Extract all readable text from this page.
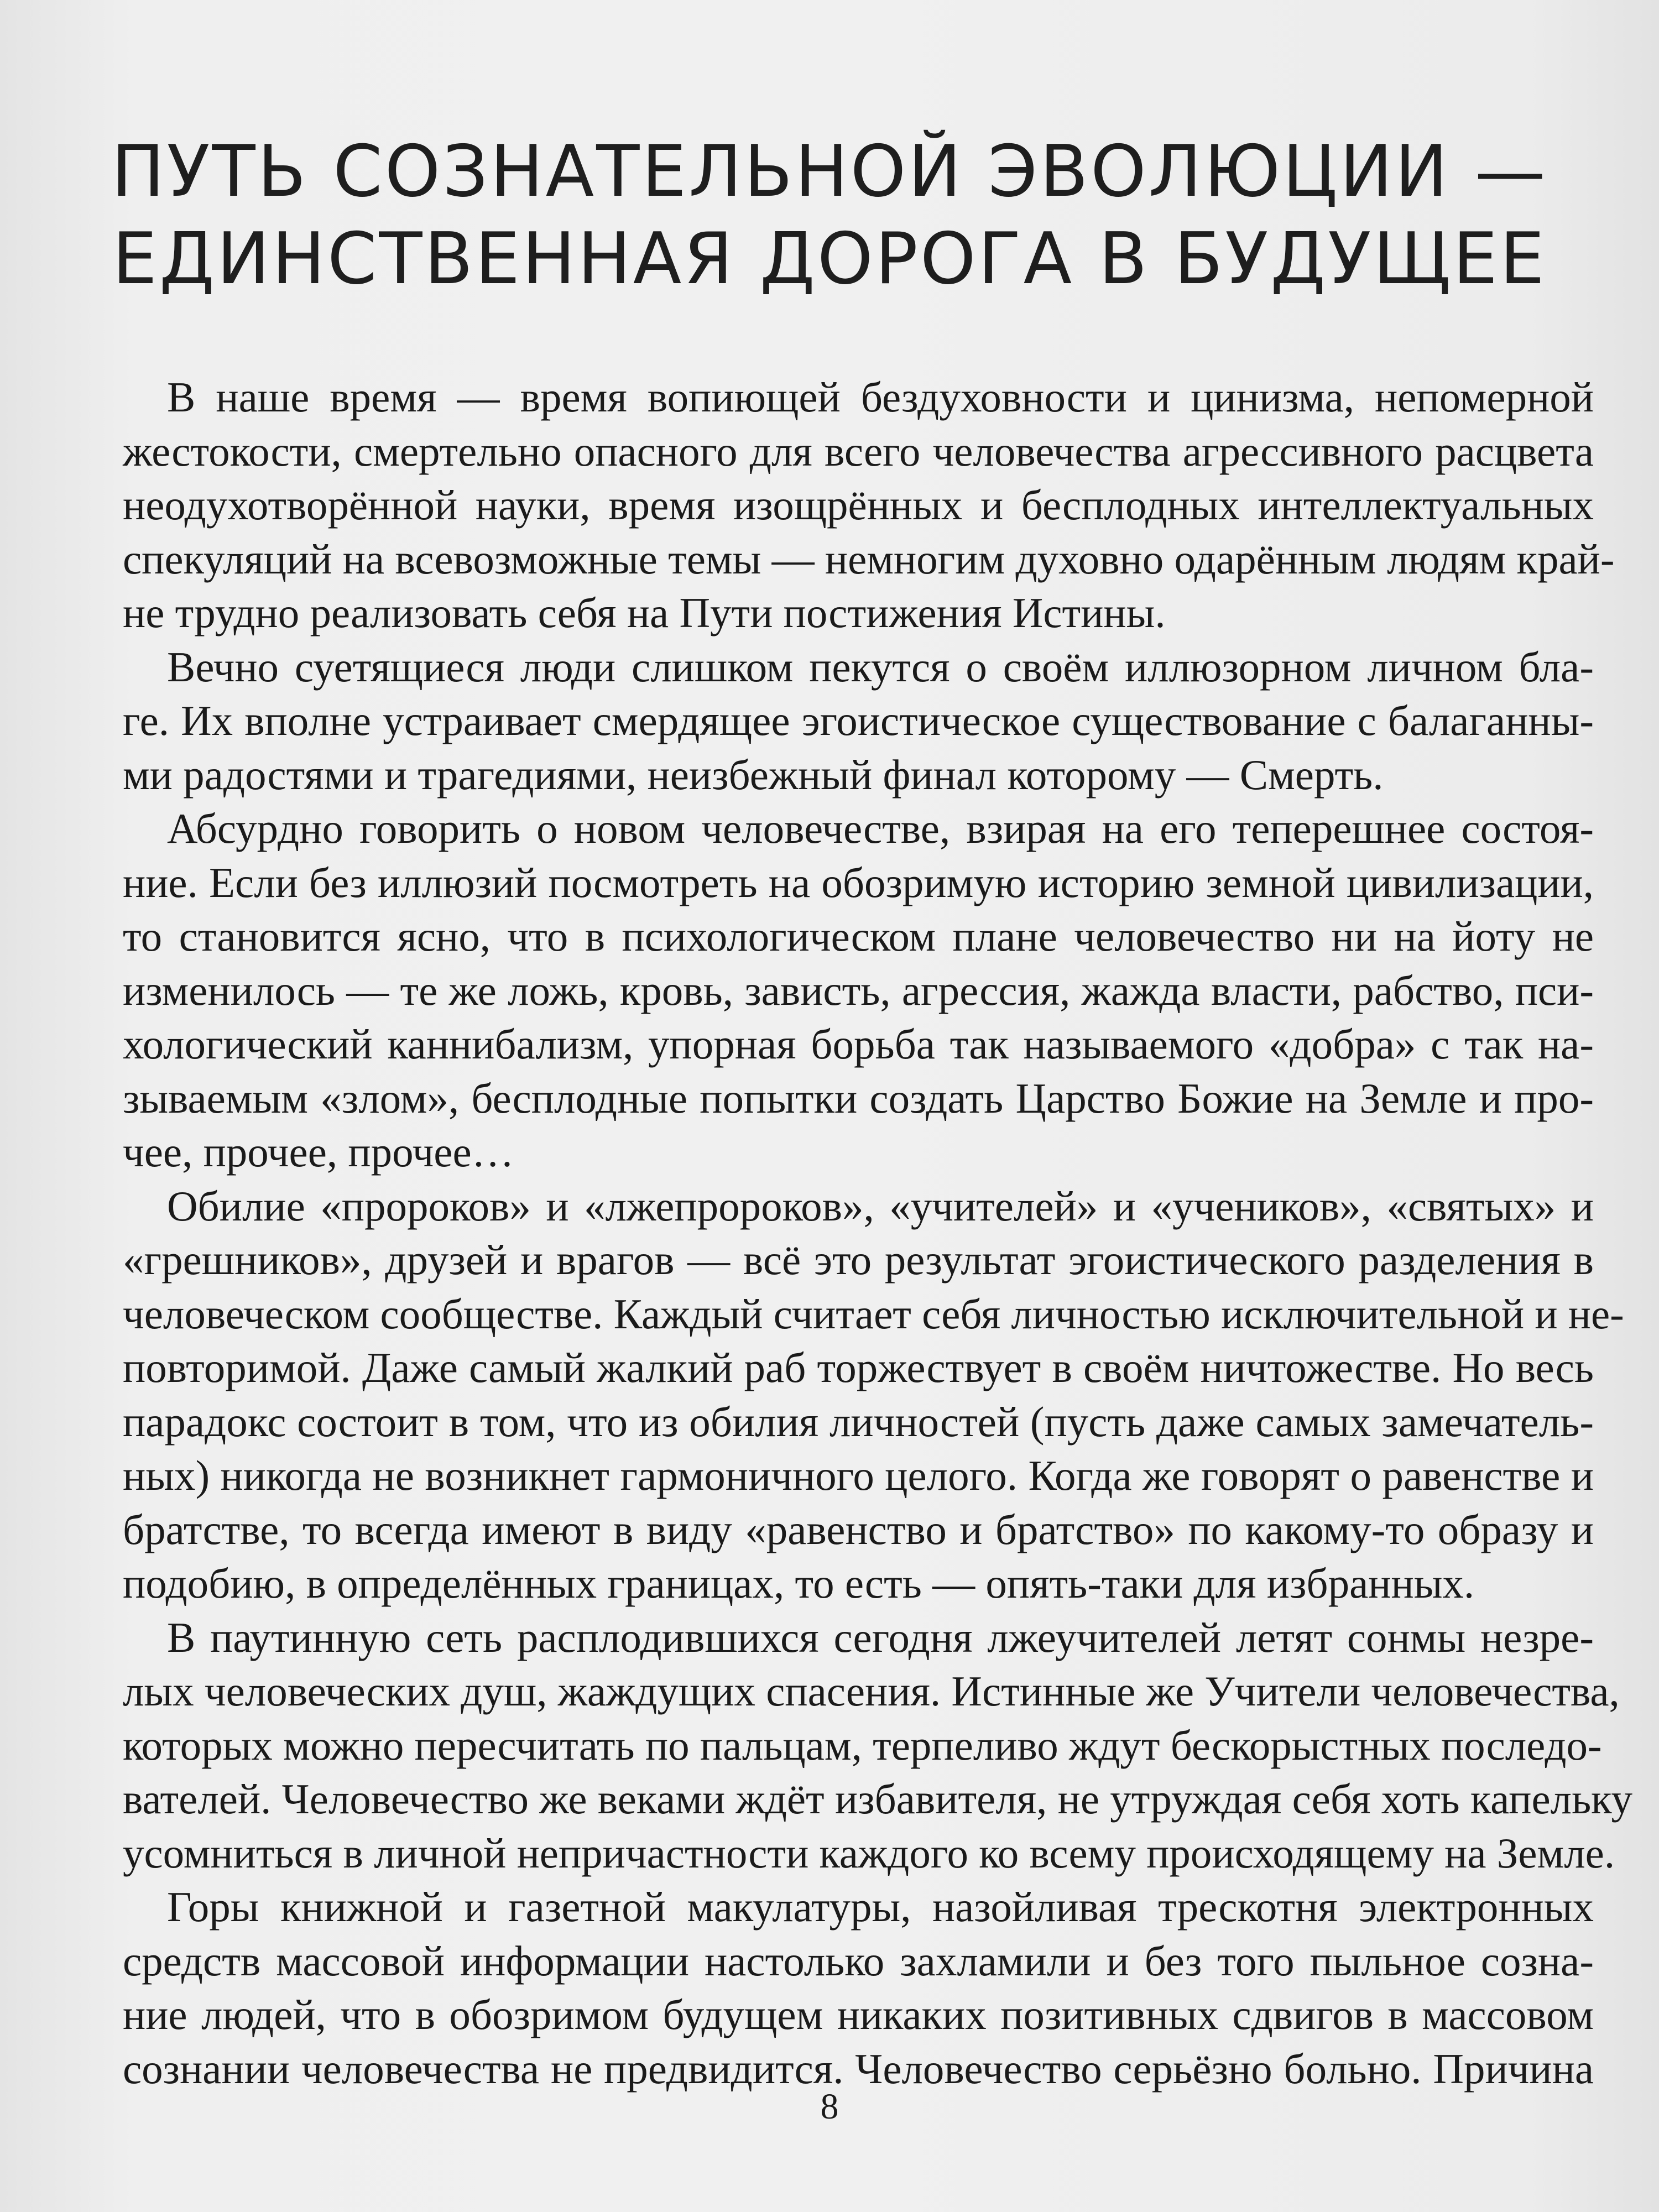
ПУТЬ СОЗНАТЕЛЬНОЙ ЭВОЛЮЦИИ —
ЕДИНСТВЕННАЯ ДОРОГА В БУДУЩЕЕ

В наше время — время вопиющей бездуховности и цинизма, непомерной
жестокости, смертельно опасного для всего человечества агрессивного расцвета
неодухотворённой науки, время изощрённых и бесплодных интеллектуальных
спекуляций на всевозможные темы — немногим духовно одарённым людям край-
не трудно реализовать себя на Пути постижения Истины.

Вечно суетящиеся люди слишком пекутся о своём иллюзорном личном бла-
ге. Их вполне устраивает смердящее эгоистическое существование с балаганны-
ми радостями и трагедиями, неизбежный финал которому — Смерть.

Абсурдно говорить о новом человечестве, взирая на его теперешнее состоя-
ние. Если без иллюзий посмотреть на обозримую историю земной цивилизации,
то становится ясно, что в психологическом плане человечество ни на йоту не
изменилось — те же ложь, кровь, зависть, агрессия, жажда власти, рабство, пси-
хологический каннибализм, упорная борьба так называемого «добра» с так на-
зываемым «злом», бесплодные попытки создать Царство Божие на Земле и про-
чее, прочее, прочее…

Обилие «пророков» и «лжепророков», «учителей» и «учеников», «святых» и
«грешников», друзей и врагов — всё это результат эгоистического разделения в
человеческом сообществе. Каждый считает себя личностью исключительной и не-
повторимой. Даже самый жалкий раб торжествует в своём ничтожестве. Но весь
парадокс состоит в том, что из обилия личностей (пусть даже самых замечатель-
ных) никогда не возникнет гармоничного целого. Когда же говорят о равенстве и
братстве, то всегда имеют в виду «равенство и братство» по какому-то образу и
подобию, в определённых границах, то есть — опять-таки для избранных.

В паутинную сеть расплодившихся сегодня лжеучителей летят сонмы незре-
лых человеческих душ, жаждущих спасения. Истинные же Учители человечества,
которых можно пересчитать по пальцам, терпеливо ждут бескорыстных последо-
вателей. Человечество же веками ждёт избавителя, не утруждая себя хоть капельку
усомниться в личной непричастности каждого ко всему происходящему на Земле.

Горы книжной и газетной макулатуры, назойливая трескотня электронных
средств массовой информации настолько захламили и без того пыльное созна-
ние людей, что в обозримом будущем никаких позитивных сдвигов в массовом
сознании человечества не предвидится. Человечество серьёзно больно. Причина

8
